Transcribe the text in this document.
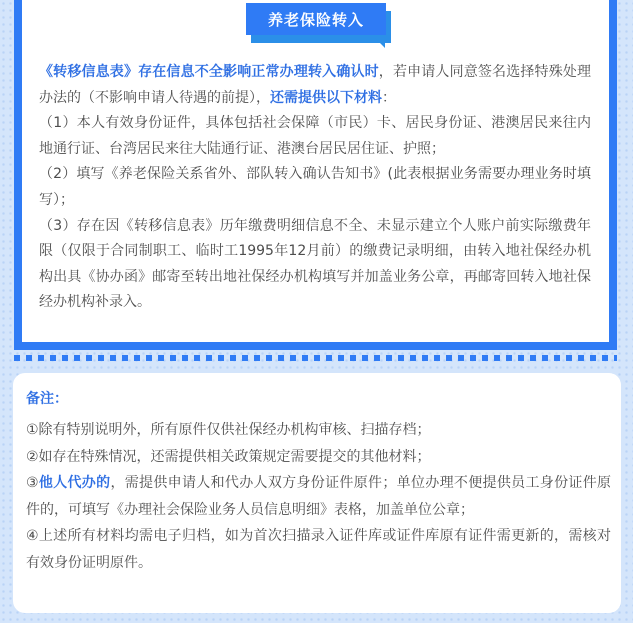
《转移信息表》存在信息不全影响正常办理转入确认时，若申请人同意签名选择特殊处理办法的（不影响申请人待遇的前提），还需提供以下材料：

（1）本人有效身份证件，具体包括社会保障（市民）卡、居民身份证、港澳居民来往内地通行证、台湾居民来往大陆通行证、港澳台居民居住证、护照；

（2）填写《养老保险关系省外、部队转入确认告知书》(此表根据业务需要办理业务时填写）；

（3）存在因《转移信息表》历年缴费明细信息不全、未显示建立个人账户前实际缴费年限（仅限于合同制职工、临时工1995年12月前）的缴费记录明细，由转入地社保经办机构出具《协办函》邮寄至转出地社保经办机构填写并加盖业务公章，再邮寄回转入地社保经办机构补录入。

养老保险转入
//

备注：

①除有特别说明外，所有原件仅供社保经办机构审核、扫描存档；

②如存在特殊情况，还需提供相关政策规定需要提交的其他材料；

③他人代办的，需提供申请人和代办人双方身份证件原件；单位办理不便提供员工身份证件原件的，可填写《办理社会保险业务人员信息明细》表格，加盖单位公章；

④上述所有材料均需电子归档，如为首次扫描录入证件库或证件库原有证件需更新的，需核对有效身份证明原件。
